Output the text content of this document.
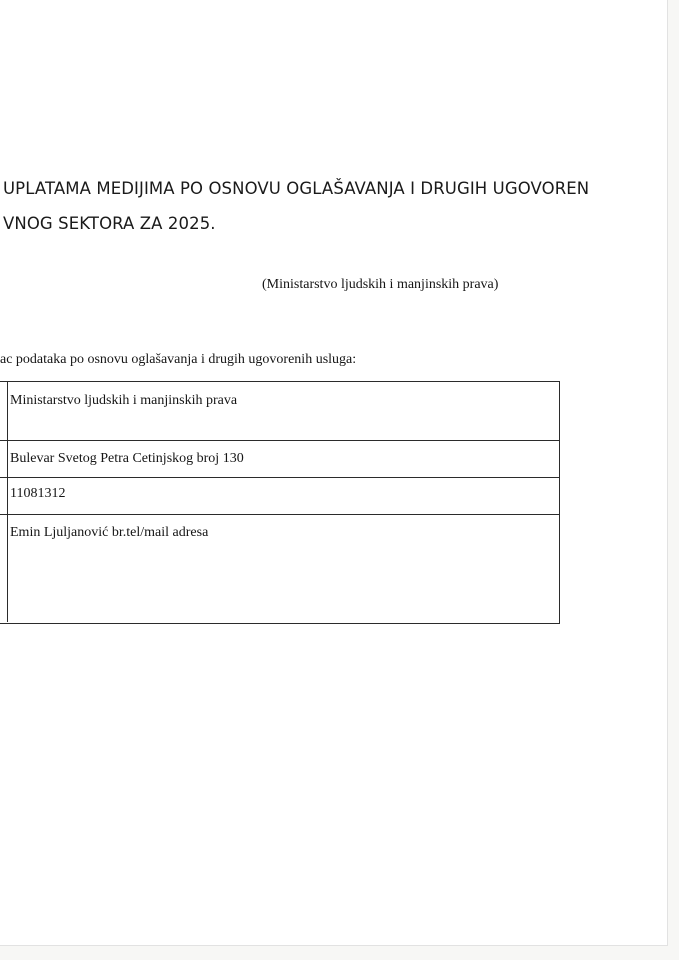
UPLATAMA MEDIJIMA PO OSNOVU OGLAŠAVANJA I DRUGIH UGOVOREN
VNOG SEKTORA ZA 2025.
(Ministarstvo ljudskih i manjinskih prava)
ac podataka po osnovu oglašavanja i drugih ugovorenih usluga:
Ministarstvo ljudskih i manjinskih prava

Bulevar Svetog Petra Cetinjskog broj 130

11081312

Emin Ljuljanović br.tel/mail adresa
